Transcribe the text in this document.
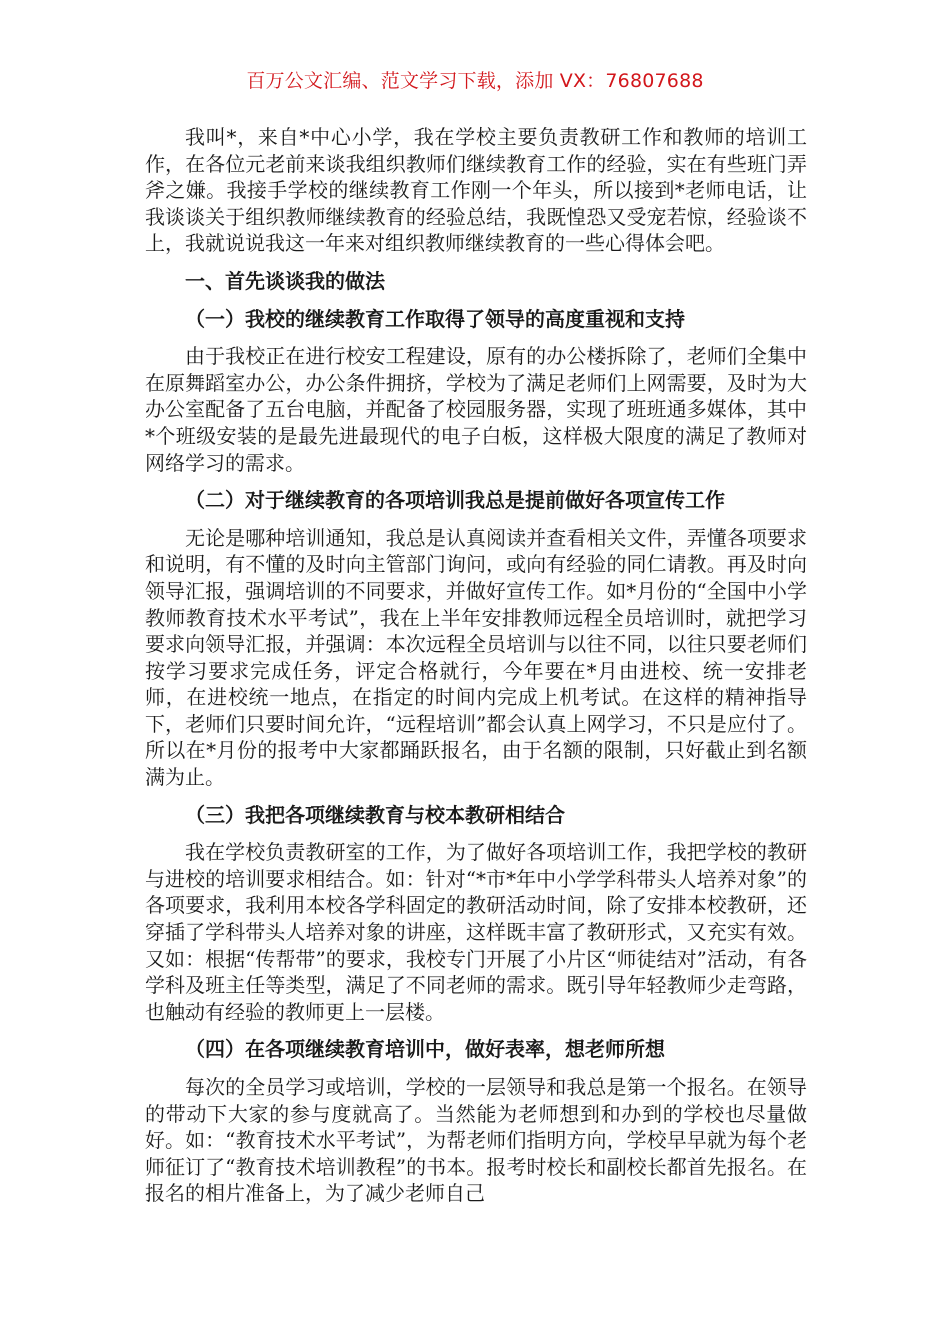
百万公文汇编、范文学习下载，添加 VX：76807688

我叫*，来自*中心小学，我在学校主要负责教研工作和教师的培训工作，在各位元老前来谈我组织教师们继续教育工作的经验，实在有些班门弄斧之嫌。我接手学校的继续教育工作刚一个年头，所以接到*老师电话，让我谈谈关于组织教师继续教育的经验总结，我既惶恐又受宠若惊，经验谈不上，我就说说我这一年来对组织教师继续教育的一些心得体会吧。

一、首先谈谈我的做法

（一）我校的继续教育工作取得了领导的高度重视和支持

由于我校正在进行校安工程建设，原有的办公楼拆除了，老师们全集中在原舞蹈室办公，办公条件拥挤，学校为了满足老师们上网需要，及时为大办公室配备了五台电脑，并配备了校园服务器，实现了班班通多媒体，其中*个班级安装的是最先进最现代的电子白板，这样极大限度的满足了教师对网络学习的需求。

（二）对于继续教育的各项培训我总是提前做好各项宣传工作

无论是哪种培训通知，我总是认真阅读并查看相关文件，弄懂各项要求和说明，有不懂的及时向主管部门询问，或向有经验的同仁请教。再及时向领导汇报，强调培训的不同要求，并做好宣传工作。如*月份的“全国中小学教师教育技术水平考试”，我在上半年安排教师远程全员培训时，就把学习要求向领导汇报，并强调：本次远程全员培训与以往不同，以往只要老师们按学习要求完成任务，评定合格就行，今年要在*月由进校、统一安排老师，在进校统一地点，在指定的时间内完成上机考试。在这样的精神指导下，老师们只要时间允许，“远程培训”都会认真上网学习，不只是应付了。所以在*月份的报考中大家都踊跃报名，由于名额的限制，只好截止到名额满为止。

（三）我把各项继续教育与校本教研相结合

我在学校负责教研室的工作，为了做好各项培训工作，我把学校的教研与进校的培训要求相结合。如：针对“*市*年中小学学科带头人培养对象”的各项要求，我利用本校各学科固定的教研活动时间，除了安排本校教研，还穿插了学科带头人培养对象的讲座，这样既丰富了教研形式，又充实有效。又如：根据“传帮带”的要求，我校专门开展了小片区“师徒结对”活动，有各学科及班主任等类型，满足了不同老师的需求。既引导年轻教师少走弯路，也触动有经验的教师更上一层楼。

（四）在各项继续教育培训中，做好表率，想老师所想

每次的全员学习或培训，学校的一层领导和我总是第一个报名。在领导的带动下大家的参与度就高了。当然能为老师想到和办到的学校也尽量做好。如：“教育技术水平考试”，为帮老师们指明方向，学校早早就为每个老师征订了“教育技术培训教程”的书本。报考时校长和副校长都首先报名。在报名的相片准备上，为了减少老师自己
